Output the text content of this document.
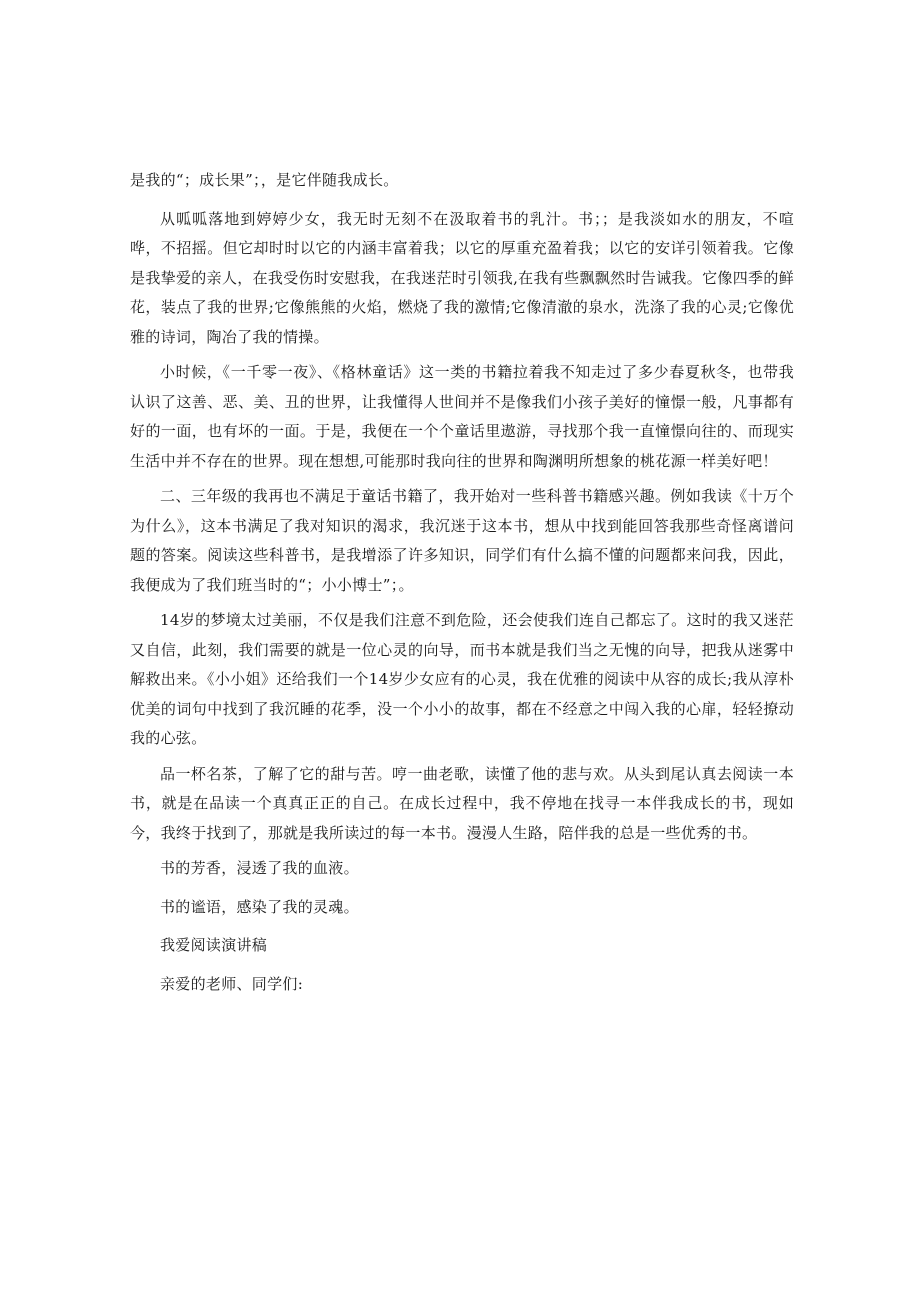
是我的“；成长果”；，是它伴随我成长。

从呱呱落地到婷婷少女，我无时无刻不在汲取着书的乳汁。书；；是我淡如水的朋友，不喧哗，不招摇。但它却时时以它的内涵丰富着我；以它的厚重充盈着我；以它的安详引领着我。它像是我挚爱的亲人，在我受伤时安慰我，在我迷茫时引领我,在我有些飘飘然时告诫我。它像四季的鲜花，装点了我的世界;它像熊熊的火焰，燃烧了我的激情;它像清澈的泉水，洗涤了我的心灵;它像优雅的诗词，陶冶了我的情操。

小时候，《一千零一夜》、《格林童话》这一类的书籍拉着我不知走过了多少春夏秋冬，也带我认识了这善、恶、美、丑的世界，让我懂得人世间并不是像我们小孩子美好的憧憬一般，凡事都有好的一面，也有坏的一面。于是，我便在一个个童话里遨游，寻找那个我一直憧憬向往的、而现实生活中并不存在的世界。现在想想,可能那时我向往的世界和陶渊明所想象的桃花源一样美好吧！

二、三年级的我再也不满足于童话书籍了，我开始对一些科普书籍感兴趣。例如我读《十万个为什么》，这本书满足了我对知识的渴求，我沉迷于这本书，想从中找到能回答我那些奇怪离谱问题的答案。阅读这些科普书，是我增添了许多知识，同学们有什么搞不懂的问题都来问我，因此，我便成为了我们班当时的“；小小博士”；。

14岁的梦境太过美丽，不仅是我们注意不到危险，还会使我们连自己都忘了。这时的我又迷茫又自信，此刻，我们需要的就是一位心灵的向导，而书本就是我们当之无愧的向导，把我从迷雾中解救出来。《小小姐》还给我们一个14岁少女应有的心灵，我在优雅的阅读中从容的成长;我从淳朴优美的词句中找到了我沉睡的花季，没一个小小的故事，都在不经意之中闯入我的心扉，轻轻撩动我的心弦。

品一杯名茶，了解了它的甜与苦。哼一曲老歌，读懂了他的悲与欢。从头到尾认真去阅读一本书，就是在品读一个真真正正的自己。在成长过程中，我不停地在找寻一本伴我成长的书，现如今，我终于找到了，那就是我所读过的每一本书。漫漫人生路，陪伴我的总是一些优秀的书。

书的芳香，浸透了我的血液。

书的谧语，感染了我的灵魂。

我爱阅读演讲稿

亲爱的老师、同学们:
